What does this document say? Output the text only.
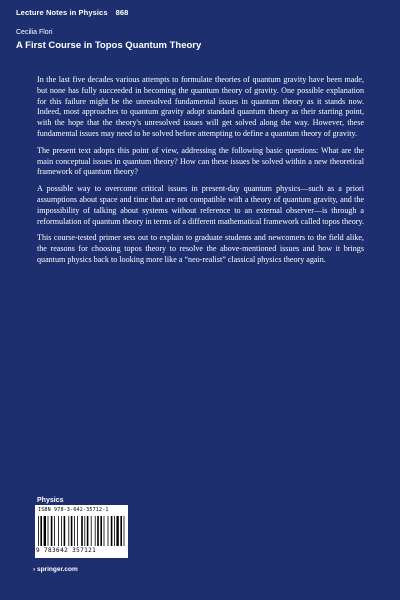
Lecture Notes in Physics 868
Cecilia Flori
A First Course in Topos Quantum Theory

In the last five decades various attempts to formulate theories of quantum gravity have been made, but none has fully succeeded in becoming the quantum theory of gravity. One possible explanation for this failure might be the unresolved fundamental issues in quantum theory as it stands now. Indeed, most approaches to quantum gravity adopt standard quantum theory as their starting point, with the hope that the theory's unresolved issues will get solved along the way. However, these fundamental issues may need to be solved before attempting to define a quantum theory of gravity.

The present text adopts this point of view, addressing the following basic questions: What are the main conceptual issues in quantum theory? How can these issues be solved within a new theoretical framework of quantum theory?

A possible way to overcome critical issues in present-day quantum physics—such as a priori assumptions about space and time that are not compatible with a theory of quantum gravity, and the impossibility of talking about systems without reference to an external observer—is through a reformulation of quantum theory in terms of a different mathematical framework called topos theory.

This course-tested primer sets out to explain to graduate students and newcomers to the field alike, the reasons for choosing topos theory to resolve the above-mentioned issues and how it brings quantum physics back to looking more like a “neo-realist” classical physics theory again.

Physics
ISBN 978-3-642-35712-1
9 783642 357121
› springer.com
